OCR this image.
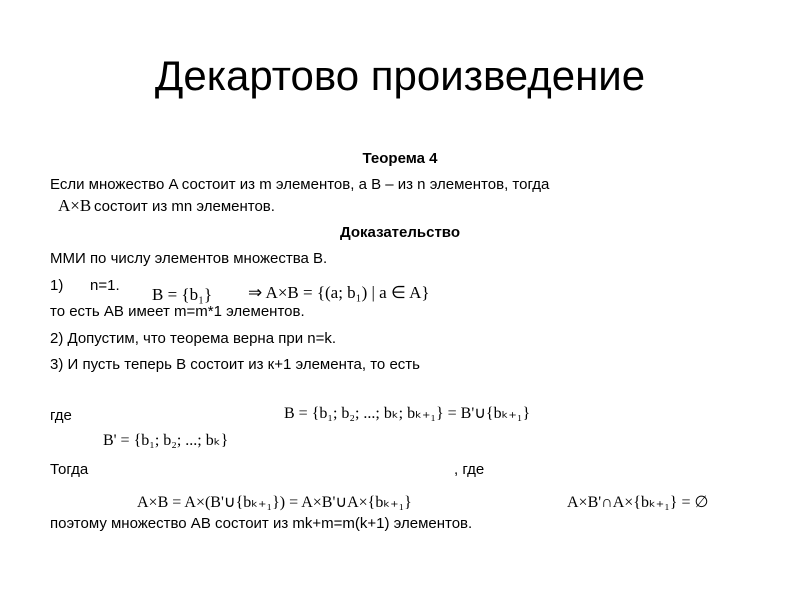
Декартово произведение
Теорема 4
Если множество A состоит из m элементов, а B – из n элементов, тогда
A×B состоит из mn элементов.
Доказательство
ММИ по числу элементов множества В.
1) n=1. B = {b₁} ⇒ A×B = {(a; b₁) | a ∈ A}
то есть AB имеет m=m*1 элементов.
2) Допустим, что теорема верна при n=k.
3) И пусть теперь B состоит из к+1 элемента, то есть
где	B = {b₁; b₂; ...; bₖ; bₖ₊₁} = B'∪{bₖ₊₁}
B' = {b₁; b₂; ...; bₖ}
Тогда	, где
A×B = A×(B'∪{bₖ₊₁}) = A×B'∪A×{bₖ₊₁}	A×B'∩A×{bₖ₊₁} = ∅
поэтому множество AB состоит из mk+m=m(k+1) элементов.
